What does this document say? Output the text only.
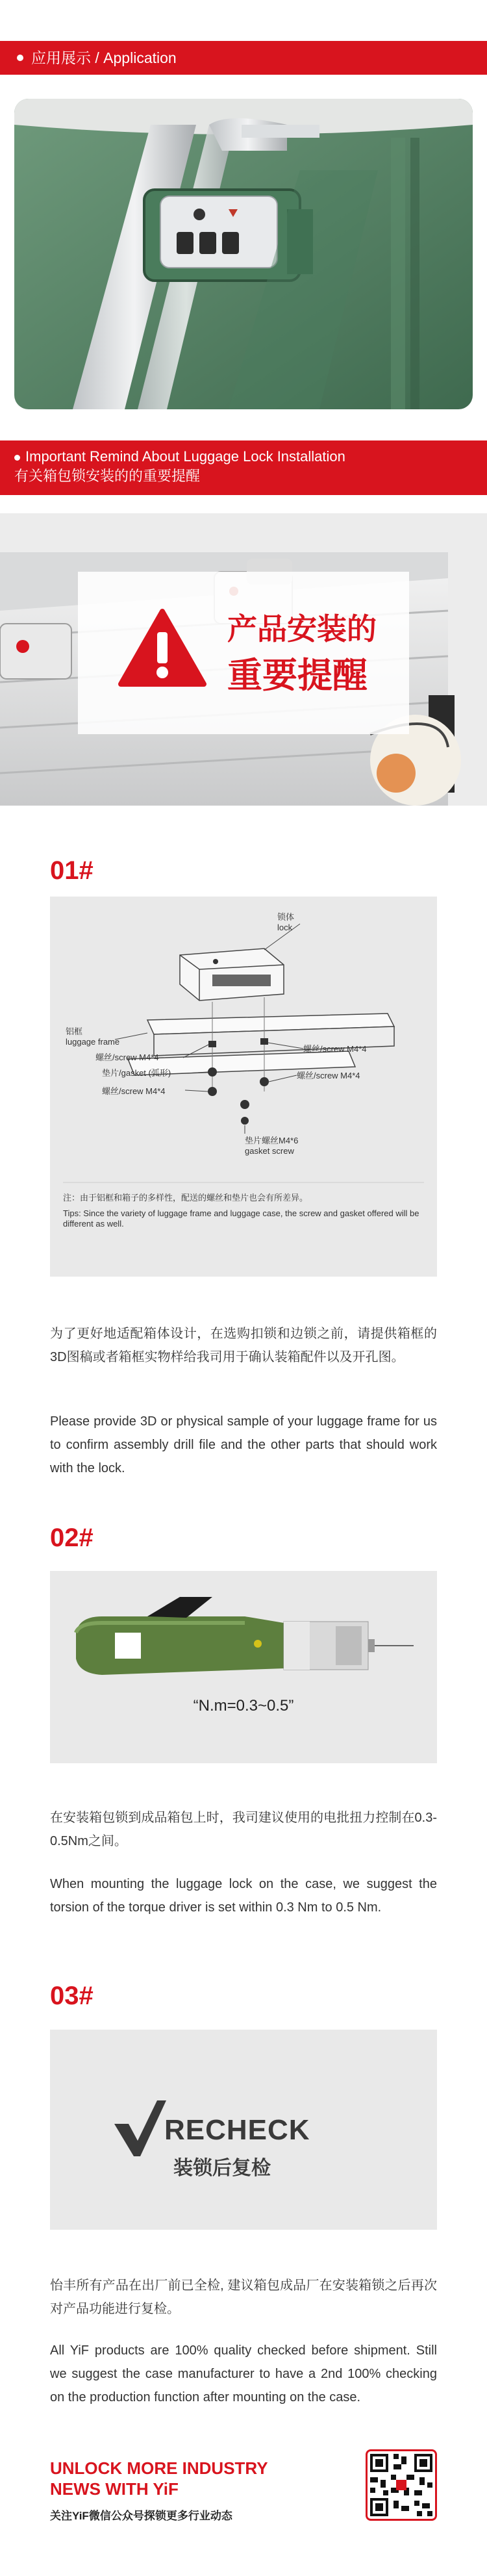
应用展示 / Application
Important Remind About Luggage Lock Installation
有关箱包锁安装的的重要提醒
产品安装的
重要提醒
01#
锁体
lock
铝框
luggage frame
螺丝/screw M4*4
螺丝/screw M4*4
垫片/gasket (弧形)	螺丝/screw M4*4
螺丝/screw M4*4
垫片螺丝M4*6
gasket screw
注：由于铝框和箱子的多样性，配送的螺丝和垫片也会有所差异。
Tips: Since the variety of luggage frame and luggage case, the screw and gasket offered will be different as well.
为了更好地适配箱体设计，在选购扣锁和边锁之前，请提供箱框的3D图稿或者箱框实物样给我司用于确认装箱配件以及开孔图。
Please provide 3D or physical sample of your luggage frame for us to confirm assembly drill file and the other parts that should work with the lock.
02#
“N.m=0.3~0.5”
在安装箱包锁到成品箱包上时，我司建议使用的电批扭力控制在0.3-0.5Nm之间。
When mounting the luggage lock on the case, we suggest the torsion of the torque driver is set within 0.3 Nm to 0.5 Nm.
03#
RECHECK
装锁后复检
怡丰所有产品在出厂前已全检, 建议箱包成品厂在安装箱锁之后再次对产品功能进行复检。
All YiF products are 100% quality checked before shipment. Still we suggest the case manufacturer to have a 2nd 100% checking on the production function after mounting on the case.
UNLOCK MORE INDUSTRY
NEWS WITH YiF
关注YiF微信公众号探锁更多行业动态
